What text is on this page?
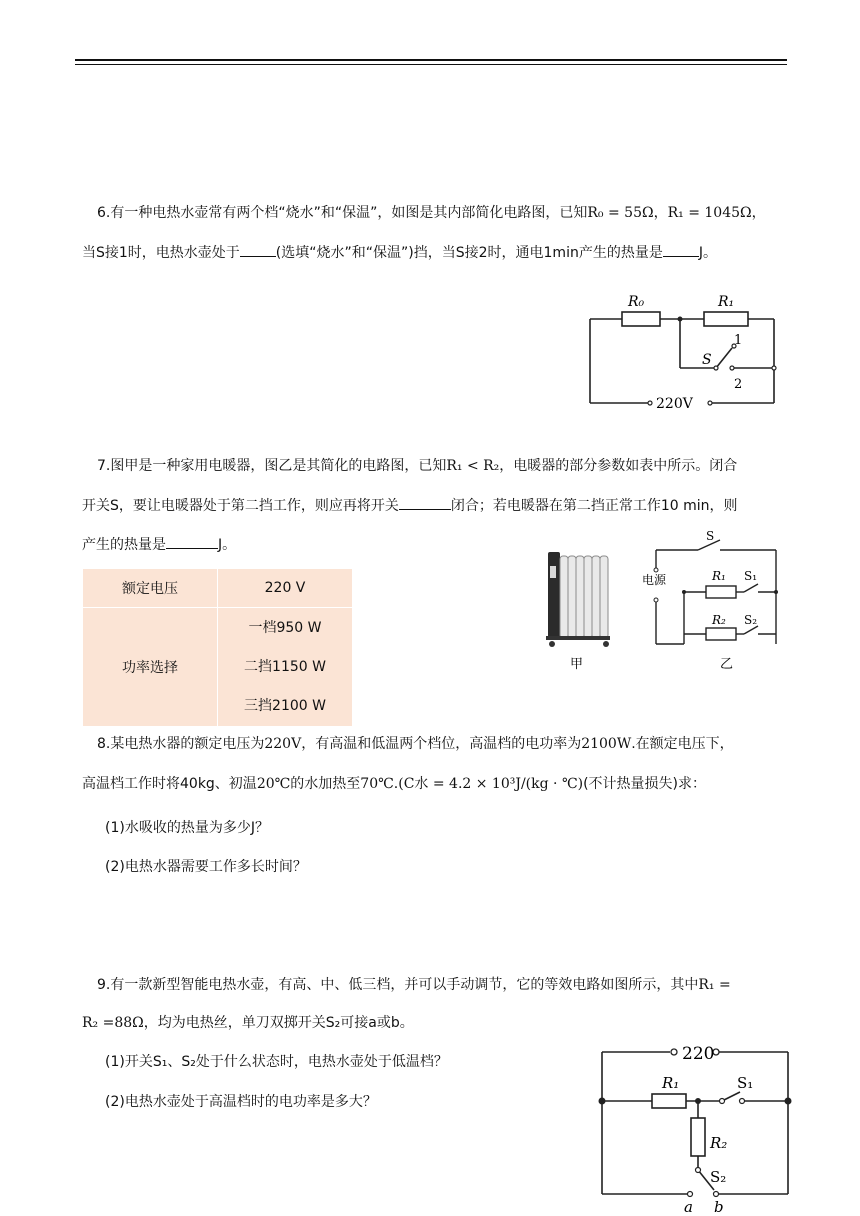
6.有一种电热水壶常有两个档“烧水”和“保温”，如图是其内部简化电路图，已知R₀ = 55Ω，R₁ = 1045Ω，
当S接1时，电热水壶处于	(选填“烧水”和“保温”)挡，当S接2时，通电1min产生的热量是	J。
R₀	R₁
S
1
2
220V
7.图甲是一种家用电暖器，图乙是其简化的电路图，已知R₁ < R₂，电暖器的部分参数如表中所示。闭合
开关S，要让电暖器处于第二挡工作，则应再将开关	闭合；若电暖器在第二挡正常工作10 min，则
产生的热量是	J。
额定电压	220 V
功率选择	一档950 W
二挡1150 W
三挡2100 W
甲
S
电源	R₁ S₁
R₂ S₂
乙
8.某电热水器的额定电压为220V，有高温和低温两个档位，高温档的电功率为2100W.在额定电压下，
高温档工作时将40kg、初温20℃的水加热至70℃.(C水 = 4.2 × 10³J/(kg · ℃)(不计热量损失)求：
(1)水吸收的热量为多少J？
(2)电热水器需要工作多长时间？
9.有一款新型智能电热水壶，有高、中、低三档，并可以手动调节，它的等效电路如图所示，其中R₁ =
R₂ =88Ω，均为电热丝，单刀双掷开关S₂可接a或b。
(1)开关S₁、S₂处于什么状态时，电热水壶处于低温档？
(2)电热水壶处于高温档时的电功率是多大？
220
R₁	S₁
R₂
S₂
a b
